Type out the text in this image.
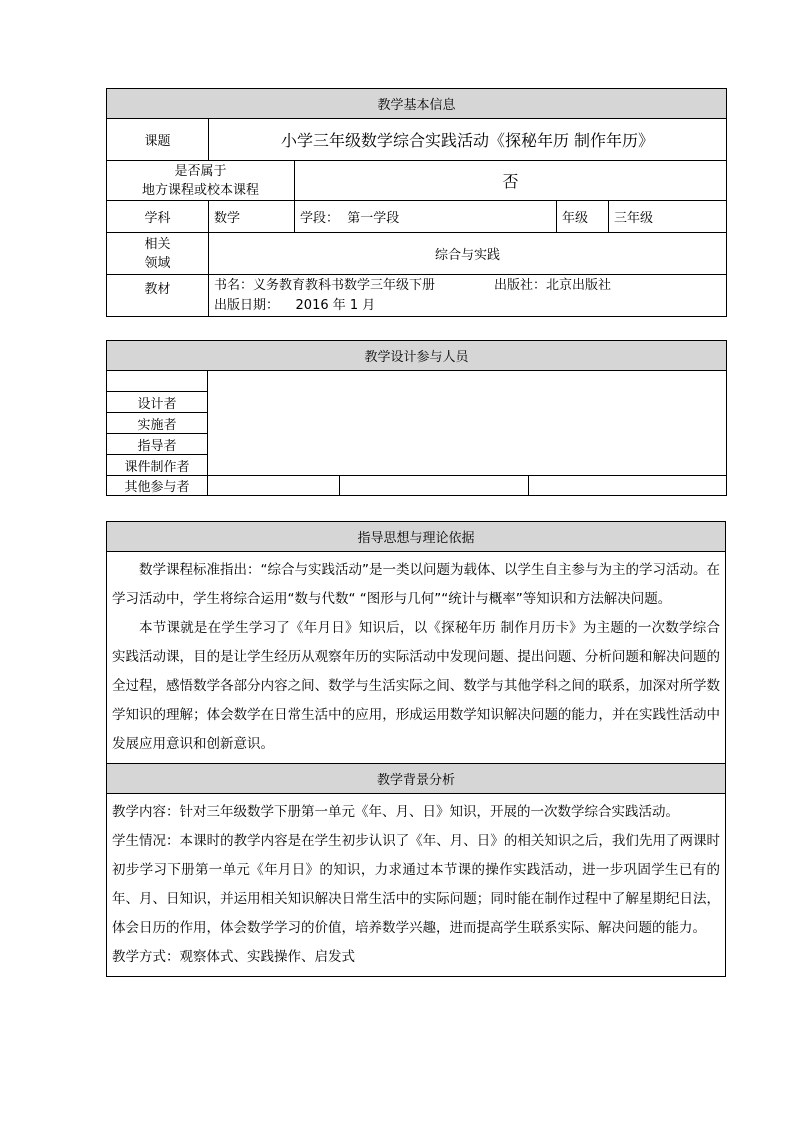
教学基本信息				
课题	小学三年级数学综合实践活动《探秘年历 制作年历》			

是否属于
地方课程或校本课程		否		
学科	数学	学段：  第一学段	年级	三年级

相关
领域	综合与实践			
教材	书名：义务教育教科书数学三年级下册 出版社：北京出版社
出版日期：    2016 年 1 月			
教学设计参与人员			

设计者			
实施者			
指导者			
课件制作者			
其他参与者			
指导思想与理论依据

数学课程标准指出：“综合与实践活动”是一类以问题为载体、以学生自主参与为主的学习活动。在学习活动中，学生将综合运用“数与代数“ “图形与几何”“统计与概率”等知识和方法解决问题。
本节课就是在学生学习了《年月日》知识后，以《探秘年历 制作月历卡》为主题的一次数学综合实践活动课，目的是让学生经历从观察年历的实际活动中发现问题、提出问题、分析问题和解决问题的全过程，感悟数学各部分内容之间、数学与生活实际之间、数学与其他学科之间的联系，加深对所学数学知识的理解；体会数学在日常生活中的应用，形成运用数学知识解决问题的能力，并在实践性活动中发展应用意识和创新意识。

教学背景分析

教学内容：针对三年级数学下册第一单元《年、月、日》知识，开展的一次数学综合实践活动。
学生情况：本课时的教学内容是在学生初步认识了《年、月、日》的相关知识之后，我们先用了两课时初步学习下册第一单元《年月日》的知识，力求通过本节课的操作实践活动，进一步巩固学生已有的年、月、日知识，并运用相关知识解决日常生活中的实际问题；同时能在制作过程中了解星期纪日法，体会日历的作用，体会数学学习的价值，培养数学兴趣，进而提高学生联系实际、解决问题的能力。
教学方式：观察体式、实践操作、启发式
